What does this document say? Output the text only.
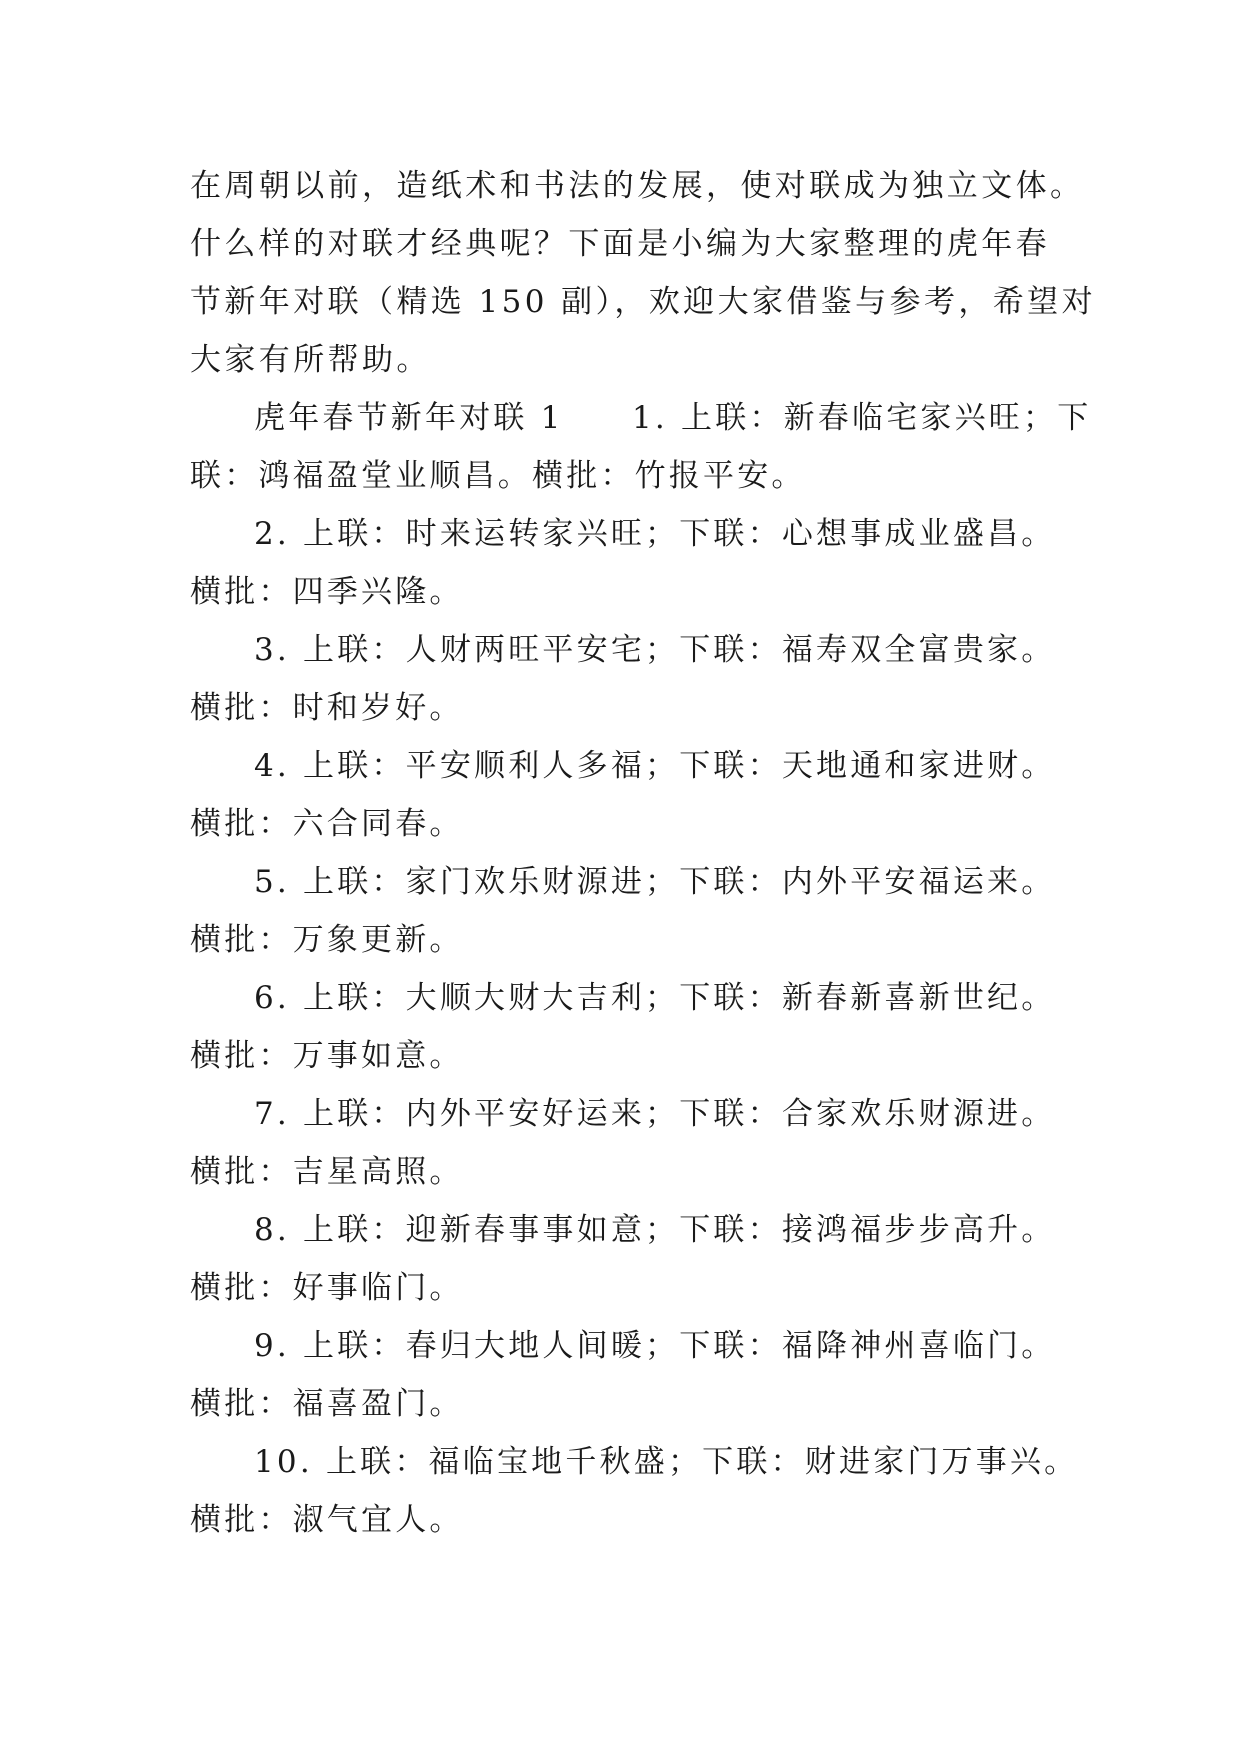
在周朝以前，造纸术和书法的发展，使对联成为独立文体。
什么样的对联才经典呢？下面是小编为大家整理的虎年春
节新年对联（精选 150 副），欢迎大家借鉴与参考，希望对
大家有所帮助。
虎年春节新年对联 1　　1. 上联：新春临宅家兴旺；下
联：鸿福盈堂业顺昌。横批：竹报平安。
2. 上联：时来运转家兴旺；下联：心想事成业盛昌。
横批：四季兴隆。
3. 上联：人财两旺平安宅；下联：福寿双全富贵家。
横批：时和岁好。
4. 上联：平安顺利人多福；下联：天地通和家进财。
横批：六合同春。
5. 上联：家门欢乐财源进；下联：内外平安福运来。
横批：万象更新。
6. 上联：大顺大财大吉利；下联：新春新喜新世纪。
横批：万事如意。
7. 上联：内外平安好运来；下联：合家欢乐财源进。
横批：吉星高照。
8. 上联：迎新春事事如意；下联：接鸿福步步高升。
横批：好事临门。
9. 上联：春归大地人间暖；下联：福降神州喜临门。
横批：福喜盈门。
10. 上联：福临宝地千秋盛；下联：财进家门万事兴。
横批：淑气宜人。
